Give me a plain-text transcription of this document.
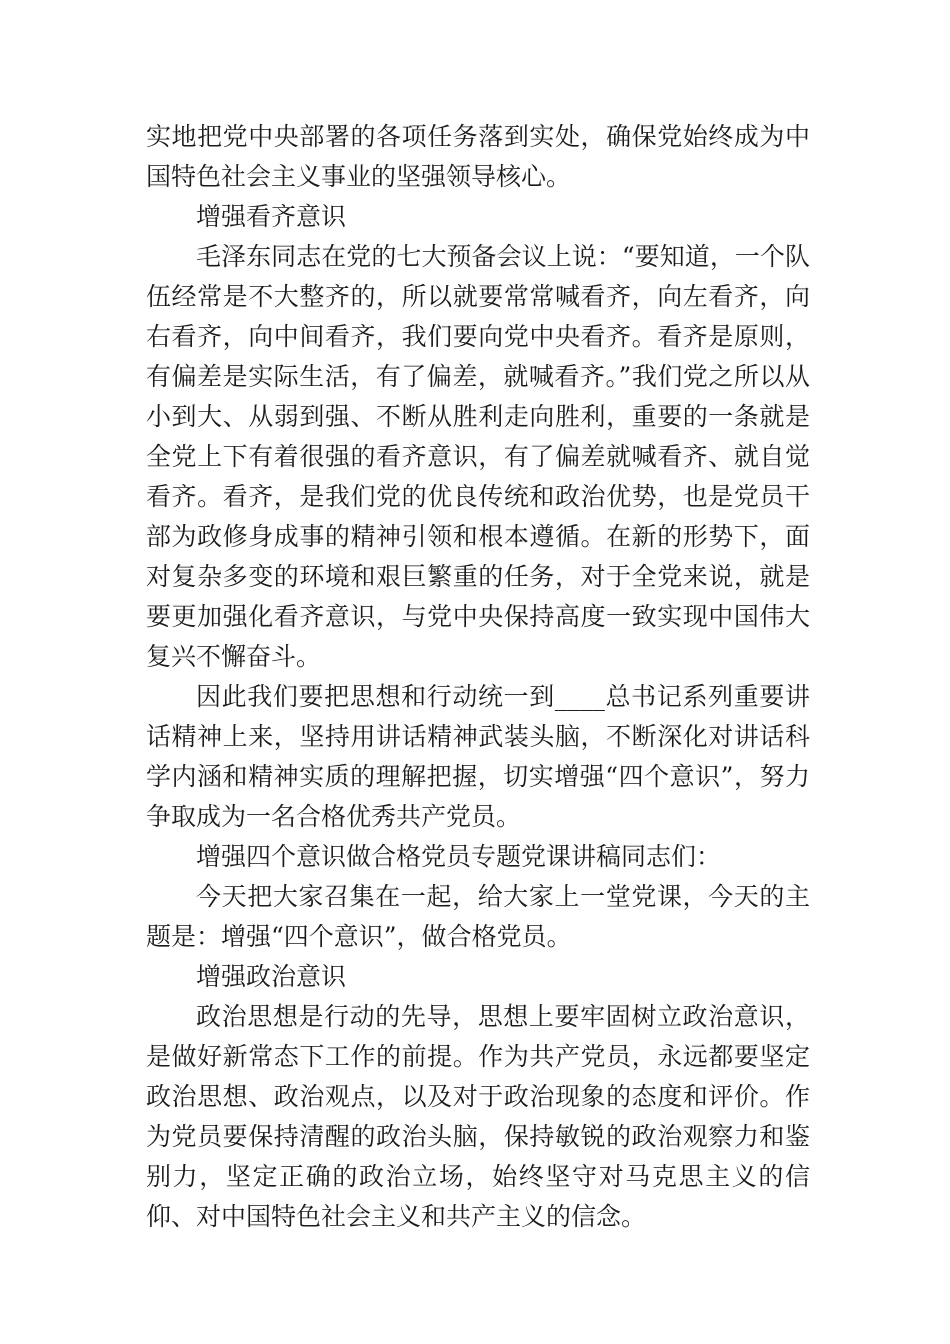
实地把党中央部署的各项任务落到实处，确保党始终成为中国特色社会主义事业的坚强领导核心。

增强看齐意识

毛泽东同志在党的七大预备会议上说：“要知道，一个队伍经常是不大整齐的，所以就要常常喊看齐，向左看齐，向右看齐，向中间看齐，我们要向党中央看齐。看齐是原则，有偏差是实际生活，有了偏差，就喊看齐。”我们党之所以从小到大、从弱到强、不断从胜利走向胜利，重要的一条就是全党上下有着很强的看齐意识，有了偏差就喊看齐、就自觉看齐。看齐，是我们党的优良传统和政治优势，也是党员干部为政修身成事的精神引领和根本遵循。在新的形势下，面对复杂多变的环境和艰巨繁重的任务，对于全党来说，就是要更加强化看齐意识，与党中央保持高度一致实现中国伟大复兴不懈奋斗。

因此我们要把思想和行动统一到____总书记系列重要讲话精神上来，坚持用讲话精神武装头脑，不断深化对讲话科学内涵和精神实质的理解把握，切实增强“四个意识”，努力争取成为一名合格优秀共产党员。

增强四个意识做合格党员专题党课讲稿同志们：

今天把大家召集在一起，给大家上一堂党课，今天的主题是：增强“四个意识”，做合格党员。

增强政治意识

政治思想是行动的先导，思想上要牢固树立政治意识，是做好新常态下工作的前提。作为共产党员，永远都要坚定政治思想、政治观点，以及对于政治现象的态度和评价。作为党员要保持清醒的政治头脑，保持敏锐的政治观察力和鉴别力，坚定正确的政治立场，始终坚守对马克思主义的信仰、对中国特色社会主义和共产主义的信念。
